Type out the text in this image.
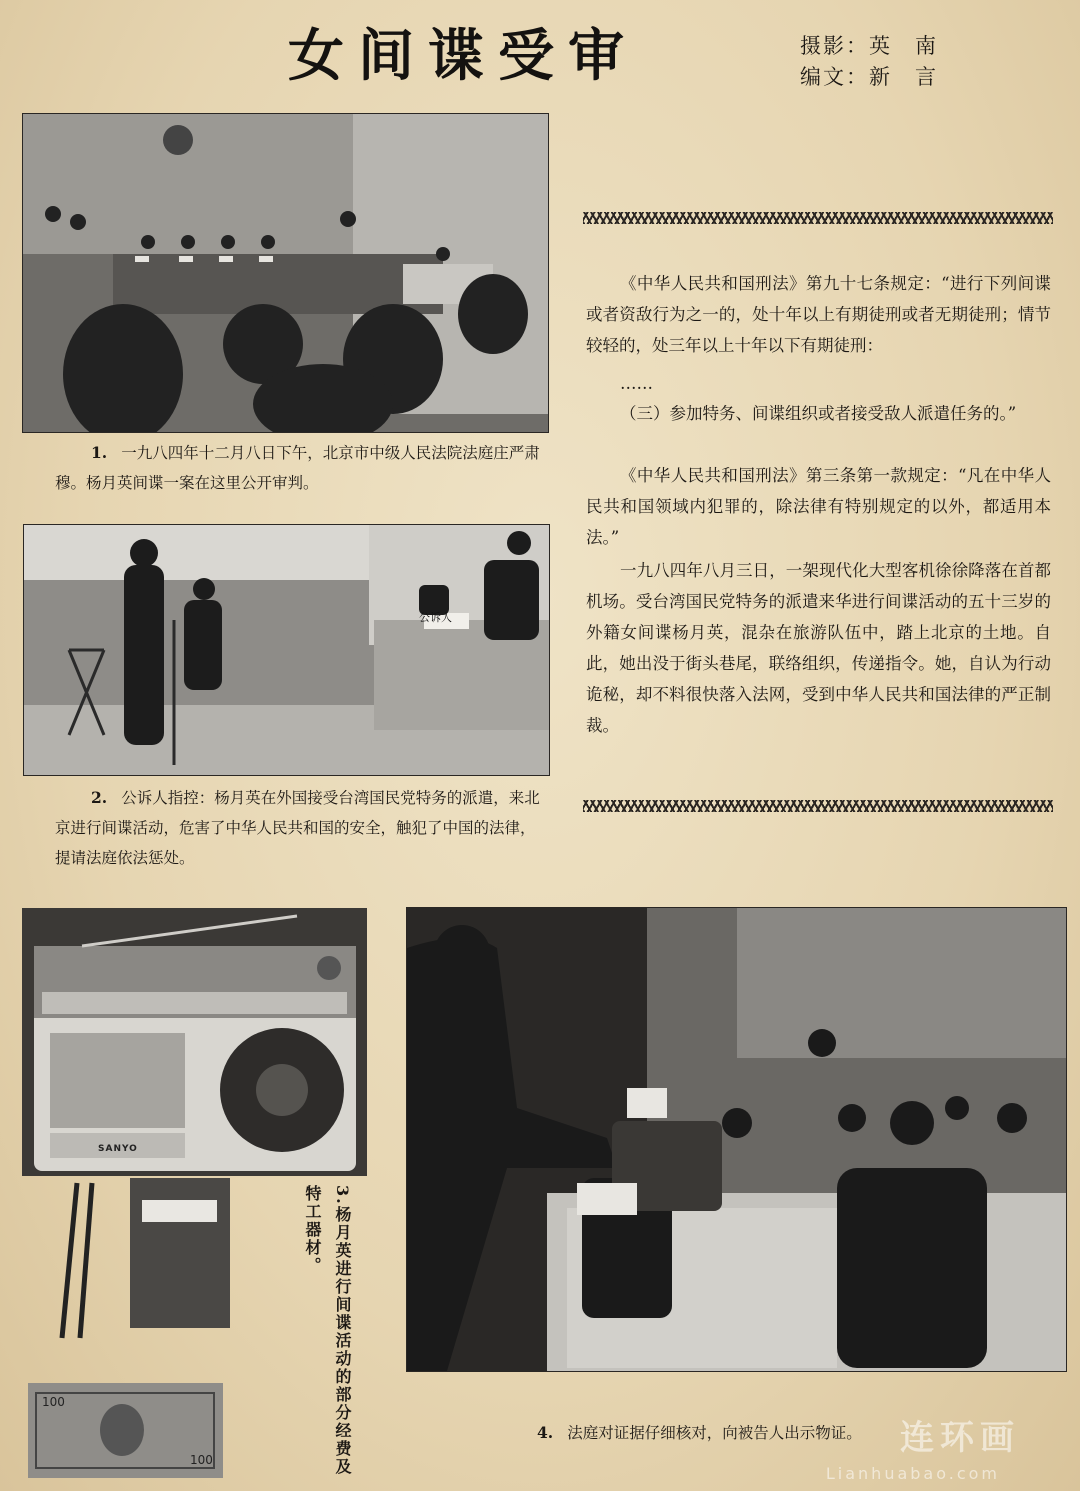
女间谍受审	摄影：英　南
编文：新　言
1. 一九八四年十二月八日下午，北京市中级人民法院法庭庄严肃穆。杨月英间谍一案在这里公开审判。
公诉人
2. 公诉人指控：杨月英在外国接受台湾国民党特务的派遣，来北京进行间谍活动，危害了中华人民共和国的安全，触犯了中国的法律，提请法庭依法惩处。
《中华人民共和国刑法》第九十七条规定：“进行下列间谍或者资敌行为之一的，处十年以上有期徒刑或者无期徒刑；情节较轻的，处三年以上十年以下有期徒刑：
……
（三）参加特务、间谍组织或者接受敌人派遣任务的。”
《中华人民共和国刑法》第三条第一款规定：“凡在中华人民共和国领域内犯罪的，除法律有特别规定的以外，都适用本法。”
一九八四年八月三日，一架现代化大型客机徐徐降落在首都机场。受台湾国民党特务的派遣来华进行间谍活动的五十三岁的外籍女间谍杨月英，混杂在旅游队伍中，踏上北京的土地。自此，她出没于街头巷尾，联络组织，传递指令。她，自认为行动诡秘，却不料很快落入法网，受到中华人民共和国法律的严正制裁。
100
100
SANYO
3.杨月英进行间谍活动的部分经费及特工器材。
4. 法庭对证据仔细核对，向被告人出示物证。	连环画
Lianhuabao.com
